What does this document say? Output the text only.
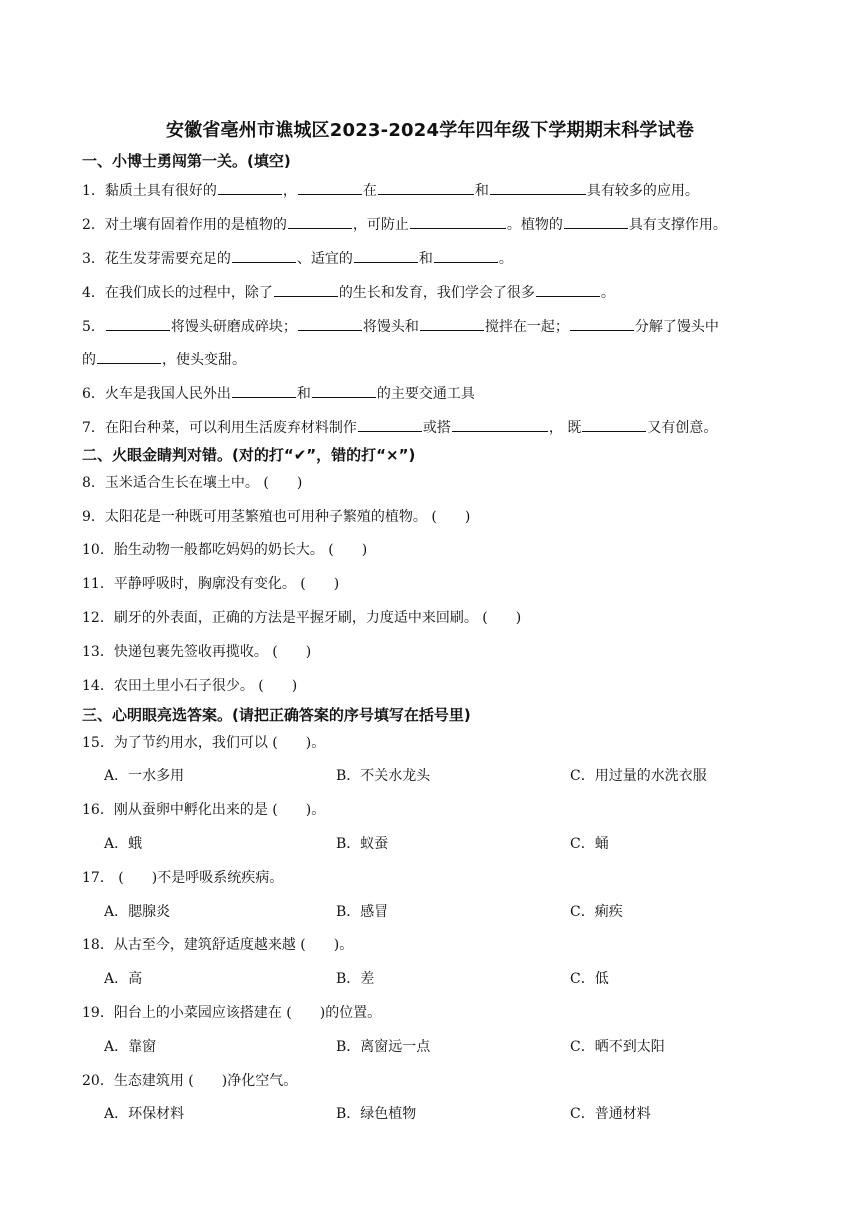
安徽省亳州市谯城区2023-2024学年四年级下学期期末科学试卷
一、小博士勇闯第一关。(填空)
1．黏质土具有很好的	，	在	和	具有较多的应用。
2．对土壤有固着作用的是植物的	，可防止	。植物的	具有支撑作用。
3．花生发芽需要充足的	、适宜的	和	。
4．在我们成长的过程中，除了	的生长和发育，我们学会了很多	。
5．	将馒头研磨成碎块；	将馒头和	搅拌在一起；	分解了馒头中
的	，使头变甜。
6．火车是我国人民外出	和	的主要交通工具
7．在阳台种菜，可以利用生活废弃材料制作	或搭	， 既	又有创意。
二、火眼金睛判对错。(对的打“✔”，错的打“×”)
8．玉米适合生长在壤土中。 (　　)
9．太阳花是一种既可用茎繁殖也可用种子繁殖的植物。 (　　)
10．胎生动物一般都吃妈妈的奶长大。 (　　)
11．平静呼吸时，胸廓没有变化。 (　　)
12．刷牙的外表面，正确的方法是平握牙刷，力度适中来回刷。 (　　)
13．快递包裹先签收再揽收。 (　　)
14．农田土里小石子很少。 (　　)
三、心明眼亮选答案。(请把正确答案的序号填写在括号里)
15．为了节约用水，我们可以 (　　)。
A．一水多用	B．不关水龙头	C．用过量的水洗衣服
16．刚从蚕卵中孵化出来的是 (　　)。
A．蛾	B．蚁蚕	C．蛹
17． (　　)不是呼吸系统疾病。
A．腮腺炎	B．感冒	C．痢疾
18．从古至今，建筑舒适度越来越 (　　)。
A．高	B．差	C．低
19．阳台上的小菜园应该搭建在 (　　)的位置。
A．靠窗	B．离窗远一点	C．晒不到太阳
20．生态建筑用 (　　)净化空气。
A．环保材料	B．绿色植物	C．普通材料
